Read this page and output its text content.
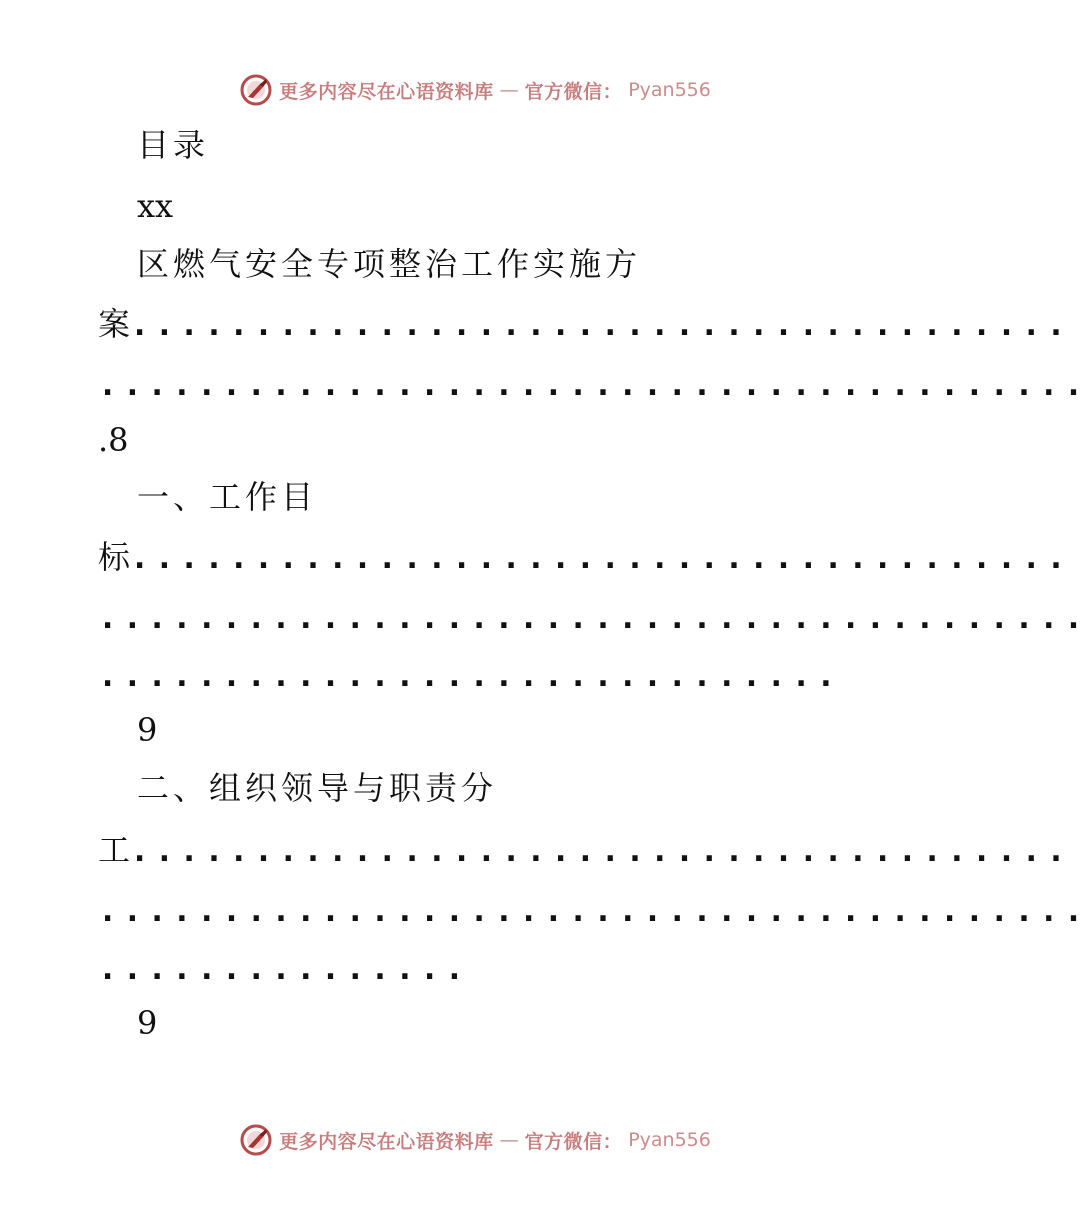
更多内容尽在心语资料库 — 官方微信： Pyan556
目录
xx
区燃气安全专项整治工作实施方
案......................................
........................................
.8
一、工作目
标......................................
........................................
..............................
9
二、组织领导与职责分
工......................................
........................................
...............
9
更多内容尽在心语资料库 — 官方微信： Pyan556
